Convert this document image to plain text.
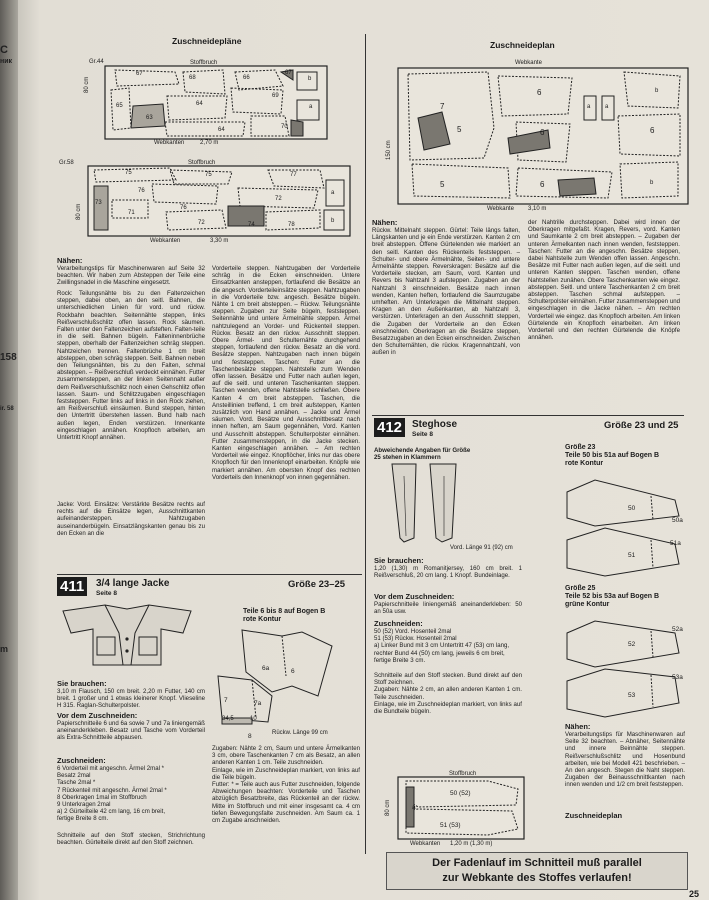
C
ник
158
ir. 58
m
Zuschneidepläne	Zuschneideplan
Gr.44	Stoffbruch
80 cm
67
68	66
67
65
69
64
63
64	70
b
a
Webkanten	2,70 m
Gr.58	Stoffbruch
80 cm
75	75
76
77
73
71
76
72
74	78
a
b
72
Webkanten	3,30 m
Webkante
150 cm
7
6
5	6
a a
b
5	6
6
b
Webkante 3,10 m
Nähen:
Verarbeitungstips für Maschinenwaren auf Seite 32 beachten. Wir haben zum Absteppen der Teile eine Zwillingsnadel in die Maschine eingesetzt.
Rock: Teilungsnähte bis zu den Faltenzeichen steppen, dabei oben, an den seitl. Bahnen, die unterschiedlichen Linien für vord. und rückw. Rockbahn beachten. Seitennähte steppen, links Reißverschlußschlitz offen lassen. Rock säumen. Falten unter den Faltenzeichen aufsteften. Falten-teile in die seitl. Bahnen bügeln. Falteninnenbrüche steppen, oberhalb der Faltenzeichen schräg steppen. Nahtzeichen trennen. Faltenbrüche 1 cm breit absteppen, oben schräg steppen. Seitl. Bahnen neben den Teilungsnähten, bis zu den Falten, schmal absteppen. – Reißverschluß verdeckt einnähen. Futter zusammensteppen, an der linken Seitennaht außer dem Reißverschlußschlitz noch einen Gehschlitz offen lassen. Saum- und Schlitzzugaben eingeschlagen feststeppen. Futter links auf links in den Rock ziehen, am Reißverschluß einsäumen. Bund steppen, hinten den Untertritt überstehen lassen. Bund halb nach außen legen, Enden verstürzen. Innenkante eingeschlagen annähen. Knopfloch arbeiten, am Untertritt Knopf annähen.
Jacke: Vord. Einsätze: Verstärkte Besätze rechts auf rechts auf die Einsätze legen, Ausschnittkanten aufeinandersteppen. Nahtzugaben auseinanderbügeln. Einsatzlängskanten genau bis zu den Ecken an die
Vorderteile steppen. Nahtzugaben der Vorderteile schräg in die Ecken einschneiden. Untere Einsatzkanten ansteppen, fortlaufend die Besätze an die angesch. Vorderteileinsätze steppen. Nahtzugaben in die Vorderteile bzw. angesch. Besätze bügeln. Nähte 1 cm breit absteppen. – Rückw. Teilungsnähte steppen. Zugaben zur Seite bügeln, feststeppen. Seitennähte und untere Ärmelnähte steppen. Ärmel nahtzulegend an Vorder- und Rückenteil steppen. Rückw. Besatz an den rückw. Ausschnitt steppen. Obere Ärmel- und Schulternähte durchgehend steppen, fortlaufend den rückw. Besatz an die vord. Besätze steppen. Nahtzugaben nach innen bügeln und feststeppen. Taschen: Futter an die Taschenbesätze steppen. Nahtstelle zum Wenden offen lassen. Besätze und Futter nach außen legen, auf die seitl. und unteren Taschenkanten steppen. Taschen wenden, offene Nahtstelle schließen. Obere Kanten 4 cm breit absteppen. Taschen, die Ansteillinien treffend, 1 cm breit aufsteppen, Kanten zusätzlich von Hand annähen. – Jacke und Ärmel säumen. Vord. Besätze und Ausschnittbesatz nach innen heften, am Saum gegennähen, Vord. Kanten und Ausschnitt absteppen. Schulterpolster einnähen. Futter zusammensteppen, in die Jacke stecken. Kanten eingeschlagen annähen. – Am rechten Vorderteil wie eingez. Knopflöcher, links nur das obere Knopfloch für den Innenknopf einarbeiten. Knöpfe wie markiert annähen. Am obersten Knopf des rechten Vorderteils den Innenknopf von innen gegennähen.
411	3/4 lange Jacke
Seite 8
Größe 23–25
Teile 6 bis 8 auf Bogen B
rote Kontur
6
6a
7	7a
8
34,5	10
Rückw. Länge 99 cm
Sie brauchen:
3,10 m Flausch, 150 cm breit. 2,20 m Futter, 140 cm breit. 1 großer und 1 etwas kleinerer Knopf. Vlieseline H 315. Raglan-Schulterpolster.
Vor dem Zuschneiden:
Papierschnitteile 6 und 6a sowie 7 und 7a liniengemäß aneinanderkleben. Besatz und Tasche vom Vorderteil als Extra-Schnittteile abpausen.
Zuschneiden:
6 Vorderteil mit angeschn. Ärmel 2mal *
Besatz 2mal
Tasche 2mal *
7 Rückenteil mit angeschn. Ärmel 2mal *
8 Oberkragen 1mal im Stoffbruch
9 Unterkragen 2mal
a) 2 Gürteilteile 42 cm lang, 16 cm breit,
fertige Breite 8 cm.
Schnitteile auf den Stoff stecken, Strichrichtung beachten. Gürtelteile direkt auf den Stoff zeichnen.
Zugaben: Nähte 2 cm, Saum und untere Ärmelkanten 3 cm, obere Taschenkanten 7 cm als Besatz, an allen anderen Kanten 1 cm. Teile zuschneiden.
Einlage, wie im Zuschneideplan markiert, von links auf die Teile bügeln.
Futter: * = Teile auch aus Futter zuschneiden, folgende Abweichungen beachten: Vorderteile und Taschen abzüglich Besatzbreite, das Rückenteil an der rückw. Mitte im Stoffbruch und mit einer insgesamt ca. 4 cm tiefen Bewegungsfalte zuschneiden. Am Saum ca. 1 cm Zugabe anschneiden.
Nähen:
Rückw. Mittelnaht steppen. Gürtel: Teile längs falten, Längskanten und je ein Ende verstürzen. Kanten 2 cm breit absteppen. Offene Gürtelenden wie markiert an den seitl. Kanten des Rückenteils feststeppen. – Schulter- und obere Ärmelnähte, Seiten- und untere Ärmelnähte steppen. Reverskragen: Besätze auf die Vorderteile stecken, am Saum, vord. Kanten und Revers bis Nahtzahl 3 aufsteppen. Zugaben an der Nahtzahl 3 einschneiden. Besätze nach innen wenden, Kanten heften, fortlaufend die Saumzugabe umheften. Am Unterkragen die Mittelnaht steppen. Kragen an den Außenkanten, ab Nahtzahl 3, verstürzen. Unterkragen an den Ausschnitt steppen, die Zugaben der Vorderteile an den Ecken einschneiden. Oberkragen an die Besätze steppen, Besatzzugaben an den Ecken einschneiden. Zwischen den Schulternähten, die rückw. Kragennahtzahl, von außen in
der Nahtrille durchsteppen. Dabei wird innen der Oberkragen mitgefaßt. Kragen, Revers, vord. Kanten und Saumkante 2 cm breit absteppen. – Zugaben der unteren Ärmelkanten nach innen wenden, feststeppen. Taschen: Futter an die angeschn. Besätze steppen, dabei Nahtstelle zum Wenden offen lassen. Angeschn. Besätze mit Futter nach außen legen, auf die seitl. und unteren Kanten steppen. Taschen wenden, offene Nahtstellen zunähen. Obere Taschenkanten wie eingez. absteppen. Seitl. und untere Taschenkanten 2 cm breit absteppen. Taschen schmal aufsteppen. – Schulterpolster einnähen. Futter zusammensteppen und eingeschlagen in die Jacke nähen. – Am rechten Vorderteil wie eingez. das Knopfloch arbeiten. Am linken Gürtelende ein Knopfloch einarbeiten. Am linken Vorderteil und den rechten Gürtelende die Knöpfe annähen.
412 Steghose
Seite 8
Größe 23 und 25
Abweichende Angaben für Größe 25 stehen in Klammern
Vord. Länge 91 (92) cm
Sie brauchen:
1,20 (1,30) m Romanitjersey, 160 cm breit. 1 Reißverschluß, 20 cm lang. 1 Knopf. Bundeinlage.
Vor dem Zuschneiden:
Papierschnitteile liniengemäß aneinanderkleben: 50 an 50a usw.
Zuschneiden:
50 (52) Vord. Hosenteil 2mal
51 (53) Rückw. Hosenteil 2mal
a) Linker Bund mit 3 cm Untertritt 47 (53) cm lang, rechter Bund 44 (50) cm lang, jeweils 6 cm breit, fertige Breite 3 cm.
Schnitteile auf den Stoff stecken. Bund direkt auf den Stoff zeichnen.
Zugaben: Nähte 2 cm, an allen anderen Kanten 1 cm. Teile zuschneiden.
Einlage, wie im Zuschneideplan markiert, von links auf die Bundteile bügeln.
Größe 23
Teile 50 bis 51a auf Bogen B
rote Kontur
50
50a
51a
51
Größe 25
Teile 52 bis 53a auf Bogen B
grüne Kontur
52a
52
53a
53
Nähen:
Verarbeitungstips für Maschinenwaren auf Seite 32 beachten. – Abnäher, Seitennähte und innere Beinnähte steppen. Reißverschlußschlitz und Hosenbund arbeiten, wie bei Modell 421 beschrieben. – An den angesch. Stegen die Naht steppen. Zugaben der Beinausschnittkanten nach innen wenden und 1/2 cm breit feststeppen.
Zuschneideplan
Stoffbruch
80 cm
50 (52)
51 (53)
a
Webkanten 1,20 m (1,30 m)
Der Fadenlauf im Schnitteil muß parallel
zur Webkante des Stoffes verlaufen!
25
